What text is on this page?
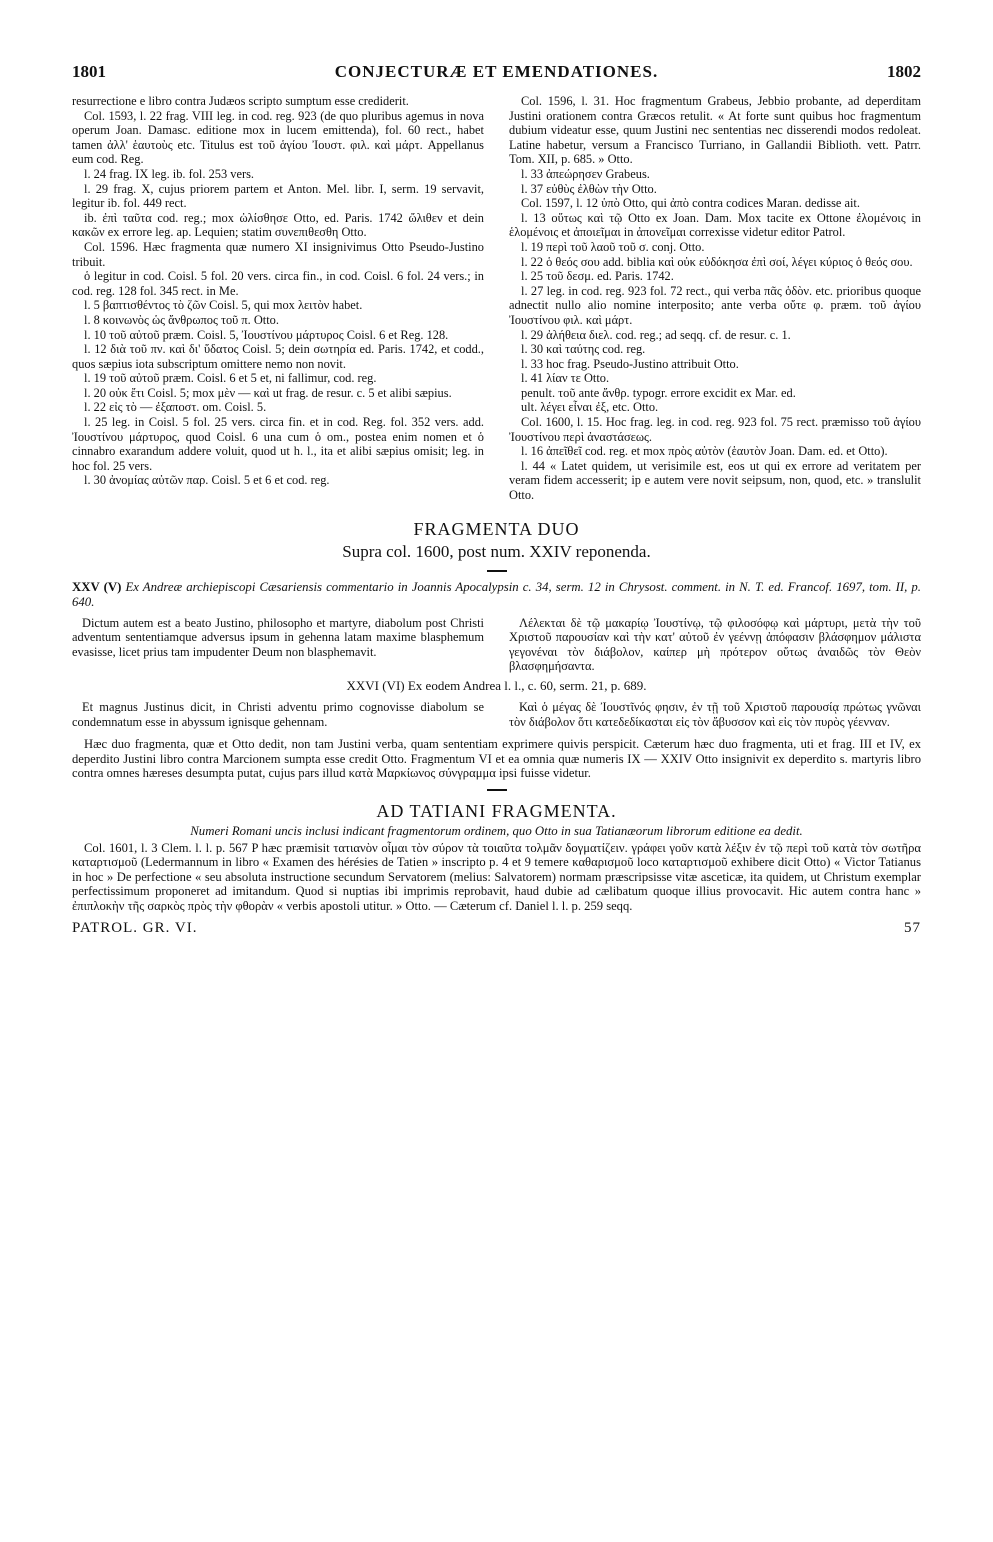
1801	CONJECTURÆ ET EMENDATIONES.	1802

resurrectione e libro contra Judæos scripto sumptum esse crediderit.

Col. 1593, l. 22 frag. VIII leg. in cod. reg. 923 (de quo pluribus agemus in nova operum Joan. Damasc. editione mox in lucem emittenda), fol. 60 rect., habet tamen ἀλλ' ἑαυτοὺς etc. Titulus est τοῦ ἁγίου Ἰουστ. φιλ. καὶ μάρτ. Appellanus eum cod. Reg.

l. 24 frag. IX leg. ib. fol. 253 vers.

l. 29 frag. X, cujus priorem partem et Anton. Mel. libr. I, serm. 19 servavit, legitur ib. fol. 449 rect.

ib. ἐπὶ ταῦτα cod. reg.; mox ὠλίσθησε Otto, ed. Paris. 1742 ὤλιθεν et dein κακῶν ex errore leg. ap. Lequien; statim συνεπιθεσθη Otto.

Col. 1596. Hæc fragmenta quæ numero XI insignivimus Otto Pseudo-Justino tribuit.

ὁ legitur in cod. Coisl. 5 fol. 20 vers. circa fin., in cod. Coisl. 6 fol. 24 vers.; in cod. reg. 128 fol. 345 rect. in Me.

l. 5 βαπτισθέντος τὸ ζῶν Coisl. 5, qui mox λειτὸν habet.

l. 8 κοινωνὸς ὡς ἄνθρωπος τοῦ π. Otto.

l. 10 τοῦ αὐτοῦ præm. Coisl. 5, Ἰουστίνου μάρτυρος Coisl. 6 et Reg. 128.

l. 12 διὰ τοῦ πν. καὶ δι' ὕδατος Coisl. 5; dein σωτηρία ed. Paris. 1742, et codd., quos sæpius iota subscriptum omittere nemo non novit.

l. 19 τοῦ αὐτοῦ præm. Coisl. 6 et 5 et, ni fallimur, cod. reg.

l. 20 οὐκ ἔτι Coisl. 5; mox μὲν — καὶ ut frag. de resur. c. 5 et alibi sæpius.

l. 22 εἰς τὸ — ἐξαποστ. om. Coisl. 5.

l. 25 leg. in Coisl. 5 fol. 25 vers. circa fin. et in cod. Reg. fol. 352 vers. add. Ἰουστίνου μάρτυρος, quod Coisl. 6 una cum ὁ om., postea enim nomen et ὁ cinnabro exarandum addere voluit, quod ut h. l., ita et alibi sæpius omisit; leg. in hoc fol. 25 vers.

l. 30 ἀνομίας αὐτῶν παρ. Coisl. 5 et 6 et cod. reg.

Col. 1596, l. 31. Hoc fragmentum Grabeus, Jebbio probante, ad deperditam Justini orationem contra Græcos retulit. « At forte sunt quibus hoc fragmentum dubium videatur esse, quum Justini nec sententias nec disserendi modos redoleat. Latine habetur, versum a Francisco Turriano, in Gallandii Biblioth. vett. Patrr. Tom. XII, p. 685. » Otto.

l. 33 ἀπεώρησεν Grabeus.

l. 37 εὐθὺς ἐλθὼν τὴν Otto.

Col. 1597, l. 12 ὑπὸ Otto, qui ἀπὸ contra codices Maran. dedisse ait.

l. 13 οὕτως καὶ τῷ Otto ex Joan. Dam. Mox tacite ex Ottone ἐλομένοις in ἑλομένοις et ἀποιεῖμαι in ἀπονεῖμαι correxisse videtur editor Patrol.

l. 19 περὶ τοῦ λαοῦ τοῦ σ. conj. Otto.

l. 22 ὁ θεός σου add. biblia καὶ οὐκ εὐδόκησα ἐπὶ σοί, λέγει κύριος ὁ θεός σου.

l. 25 τοῦ δεσμ. ed. Paris. 1742.

l. 27 leg. in cod. reg. 923 fol. 72 rect., qui verba πᾶς ὁδὸν. etc. prioribus quoque adnectit nullo alio nomine interposito; ante verba οὔτε φ. præm. τοῦ ἁγίου Ἰουστίνου φιλ. καὶ μάρτ.

l. 29 ἀλήθεια διελ. cod. reg.; ad seqq. cf. de resur. c. 1.

l. 30 καὶ ταύτης cod. reg.

l. 33 hoc frag. Pseudo-Justino attribuit Otto.

l. 41 λίαν τε Otto.

penult. τοῦ ante ἄνθρ. typogr. errore excidit ex Mar. ed.

ult. λέγει εἶναι ἐξ, etc. Otto.

Col. 1600, l. 15. Hoc frag. leg. in cod. reg. 923 fol. 75 rect. præmisso τοῦ ἁγίου Ἰουστίνου περὶ ἀναστάσεως.

l. 16 ἀπεῖθεῖ cod. reg. et mox πρὸς αὐτὸν (ἑαυτὸν Joan. Dam. ed. et Otto).

l. 44 « Latet quidem, ut verisimile est, eos ut qui ex errore ad veritatem per veram fidem accesserit; ip e autem vere novit seipsum, non, quod, etc. » translulit Otto.

FRAGMENTA DUO
Supra col. 1600, post num. XXIV reponenda.
XXV (V) Ex Andreæ archiepiscopi Cæsariensis commentario in Joannis Apocalypsin c. 34, serm. 12 in Chrysost. comment. in N. T. ed. Francof. 1697, tom. II, p. 640.

Dictum autem est a beato Justino, philosopho et martyre, diabolum post Christi adventum sententiamque adversus ipsum in gehenna latam maxime blasphemum evasisse, licet prius tam impudenter Deum non blasphemavit.

Λέλεκται δὲ τῷ μακαρίῳ Ἰουστίνῳ, τῷ φιλοσόφῳ καὶ μάρτυρι, μετὰ τὴν τοῦ Χριστοῦ παρουσίαν καὶ τὴν κατ' αὐτοῦ ἐν γεέννῃ ἀπόφασιν βλάσφημον μάλιστα γεγονέναι τὸν διάβολον, καίπερ μὴ πρότερον οὕτως ἀναιδῶς τὸν Θεὸν βλασφημήσαντα.

XXVI (VI) Ex eodem Andrea l. l., c. 60, serm. 21, p. 689.

Et magnus Justinus dicit, in Christi adventu primo cognovisse diabolum se condemnatum esse in abyssum ignisque gehennam.

Καὶ ὁ μέγας δὲ Ἰουστῖνός φησιν, ἐν τῇ τοῦ Χριστοῦ παρουσίᾳ πρώτως γνῶναι τὸν διάβολον ὅτι κατεδεδίκασται εἰς τὸν ἄβυσσον καὶ εἰς τὸν πυρὸς γέενναν.

Hæc duo fragmenta, quæ et Otto dedit, non tam Justini verba, quam sententiam exprimere quivis perspicit. Cæterum hæc duo fragmenta, uti et frag. III et IV, ex deperdito Justini libro contra Marcionem sumpta esse credit Otto. Fragmentum VI et ea omnia quæ numeris IX — XXIV Otto insignivit ex deperdito s. martyris libro contra omnes hæreses desumpta putat, cujus pars illud κατὰ Μαρκίωνος σύνγραμμα ipsi fuisse videtur.

AD TATIANI FRAGMENTA.
Numeri Romani uncis inclusi indicant fragmentorum ordinem, quo Otto in sua Tatianæorum librorum editione ea dedit.

Col. 1601, l. 3 Clem. l. l. p. 567 P hæc præmisit τατιανὸν οἶμαι τὸν σύρον τὰ τοιαῦτα τολμᾶν δογματίζειν. γράφει γοῦν κατὰ λέξιν ἐν τῷ περὶ τοῦ κατὰ τὸν σωτῆρα καταρτισμοῦ (Ledermannum in libro « Examen des hérésies de Tatien » inscripto p. 4 et 9 temere καθαρισμοῦ loco καταρτισμοῦ exhibere dicit Otto) « Victor Tatianus in hoc » De perfectione « seu absoluta instructione secundum Servatorem (melius: Salvatorem) normam præscripsisse vitæ asceticæ, ita quidem, ut Christum exemplar perfectissimum proponeret ad imitandum. Quod si nuptias ibi imprimis reprobavit, haud dubie ad cælibatum quoque illius provocavit. Hic autem contra hanc » ἐπιπλοκὴν τῆς σαρκὸς πρὸς τὴν φθορὰν « verbis apostoli utitur. » Otto. — Cæterum cf. Daniel l. l. p. 259 seqq.

PATROL. GR. VI.	57
